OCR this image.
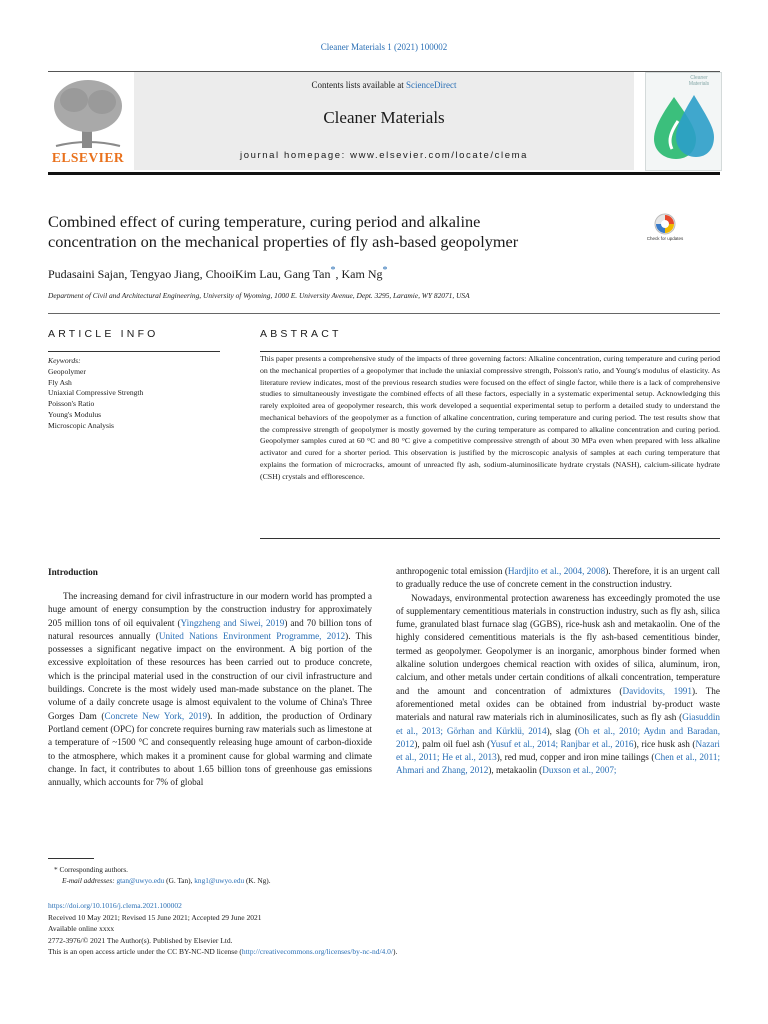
Cleaner Materials 1 (2021) 100002
ELSEVIER
Contents lists available at ScienceDirect
Cleaner Materials
journal homepage: www.elsevier.com/locate/clema
Cleaner Materials
Combined effect of curing temperature, curing period and alkaline
concentration on the mechanical properties of fly ash-based geopolymer	Check for updates
Pudasaini Sajan, Tengyao Jiang, ChooiKim Lau, Gang Tan*, Kam Ng*
Department of Civil and Architectural Engineering, University of Wyoming, 1000 E. University Avenue, Dept. 3295, Laramie, WY 82071, USA
ARTICLE INFO
Keywords:
Geopolymer
Fly Ash
Uniaxial Compressive Strength
Poisson's Ratio
Young's Modulus
Microscopic Analysis
ABSTRACT
This paper presents a comprehensive study of the impacts of three governing factors: Alkaline concentration, curing temperature and curing period on the mechanical properties of a geopolymer that include the uniaxial compressive strength, Poisson's ratio, and Young's modulus of elasticity. As literature review indicates, most of the previous research studies were focused on the effect of single factor, while there is a lack of comprehensive studies to simultaneously investigate the combined effects of all these factors, especially in a systematic experimental setup. Acknowledging this rarely exploited area of geopolymer research, this work developed a sequential experimental setup to perform a detailed study to understand the mechanical behaviors of the geopolymer as a function of alkaline concentration, curing temperature and curing period. The test results show that the compressive strength of geopolymer is mostly governed by the curing temperature as compared to alkaline concentration and curing period. Geopolymer samples cured at 60 °C and 80 °C give a competitive compressive strength of about 30 MPa even when prepared with less alkaline activator and cured for a shorter period. This observation is justified by the microscopic analysis of samples at each curing temperature that explains the formation of microcracks, amount of unreacted fly ash, sodium-aluminosilicate hydrate crystals (NASH), calcium-silicate hydrate (CSH) crystals and efflorescence.
Introduction

The increasing demand for civil infrastructure in our modern world has prompted a huge amount of energy consumption by the construction industry for approximately 205 million tons of oil equivalent (Yingzheng and Siwei, 2019) and 70 billion tons of natural resources annually (United Nations Environment Programme, 2012). This possesses a significant negative impact on the environment. A big portion of the excessive exploitation of these resources has been carried out to produce concrete, which is the principal material used in the construction of our civil infrastructure and buildings. Concrete is the most widely used man-made substance on the planet. The volume of a daily concrete usage is almost equivalent to the volume of China's Three Gorges Dam (Concrete New York, 2019). In addition, the production of Ordinary Portland cement (OPC) for concrete requires burning raw materials such as limestone at a temperature of ~1500 °C and consequently releasing huge amount of carbon-dioxide to the atmosphere, which makes it a prominent cause for global warming and climate change. In fact, it contributes to about 1.65 billion tons of greenhouse gas emissions annually, which accounts for 7% of global

anthropogenic total emission (Hardjito et al., 2004, 2008). Therefore, it is an urgent call to gradually reduce the use of concrete cement in the construction industry.

Nowadays, environmental protection awareness has exceedingly promoted the use of supplementary cementitious materials in construction industry, such as fly ash, silica fume, granulated blast furnace slag (GGBS), rice-husk ash and metakaolin. One of the highly considered cementitious materials is the fly ash-based cementitious binder, termed as geopolymer. Geopolymer is an inorganic, amorphous binder formed when alkaline solution undergoes chemical reaction with oxides of silica, aluminum, iron, calcium, and other metals under certain conditions of alkali concentration, temperature and the amount and concentration of admixtures (Davidovits, 1991). The aforementioned metal oxides can be obtained from industrial by-product waste materials and natural raw materials rich in aluminosilicates, such as fly ash (Giasuddin et al., 2013; Görhan and Kürklü, 2014), slag (Oh et al., 2010; Aydın and Baradan, 2012), palm oil fuel ash (Yusuf et al., 2014; Ranjbar et al., 2016), rice husk ash (Nazari et al., 2011; He et al., 2013), red mud, copper and iron mine tailings (Chen et al., 2011; Ahmari and Zhang, 2012), metakaolin (Duxson et al., 2007;

* Corresponding authors.
E-mail addresses: gtan@uwyo.edu (G. Tan), kng1@uwyo.edu (K. Ng).
https://doi.org/10.1016/j.clema.2021.100002
Received 10 May 2021; Revised 15 June 2021; Accepted 29 June 2021
Available online xxxx
2772-3976/© 2021 The Author(s). Published by Elsevier Ltd.
This is an open access article under the CC BY-NC-ND license (http://creativecommons.org/licenses/by-nc-nd/4.0/).
